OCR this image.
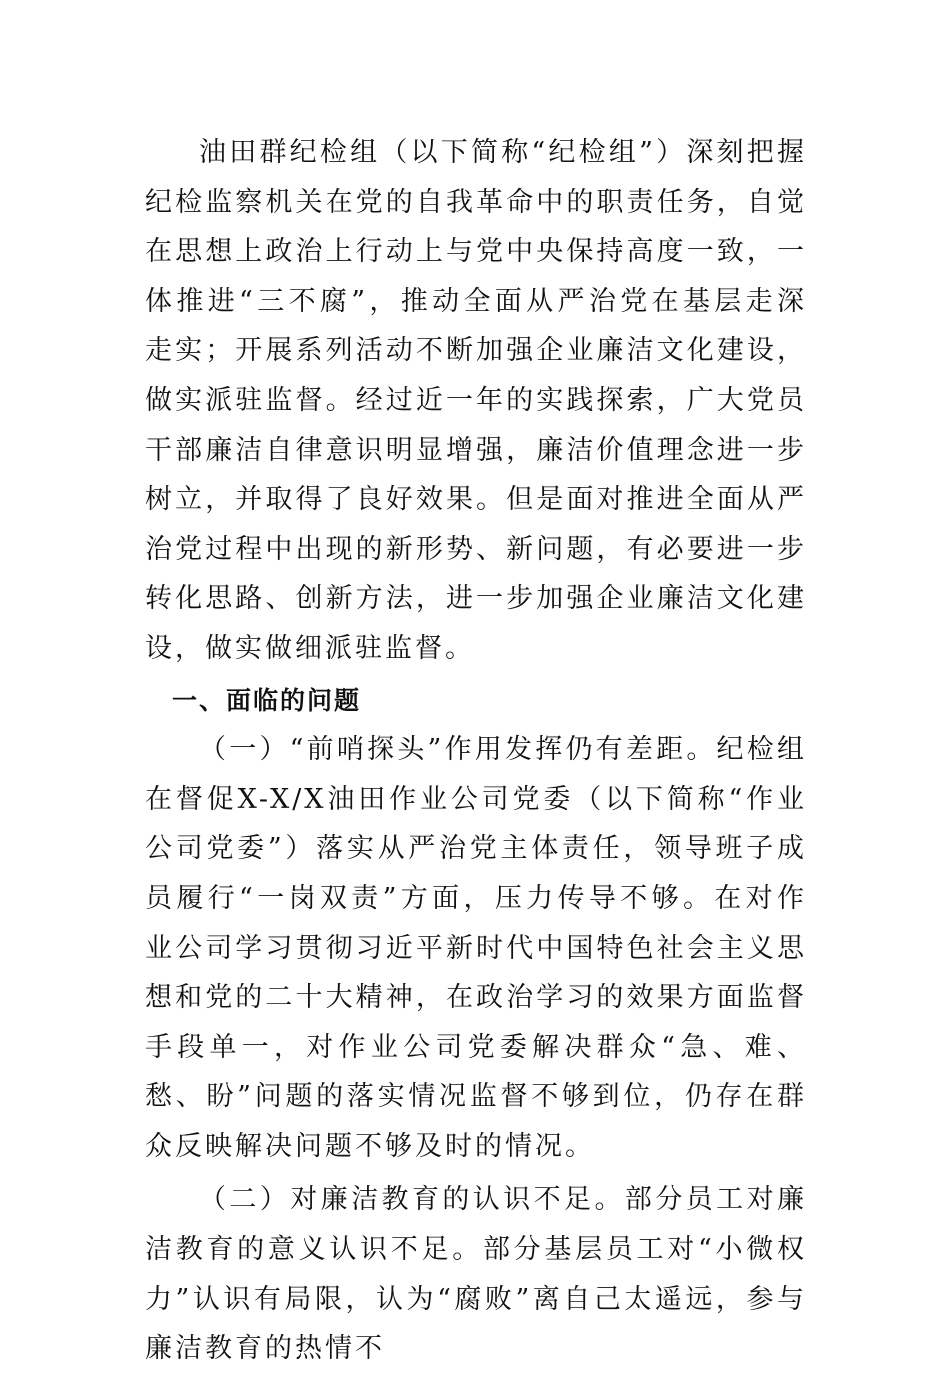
油田群纪检组（以下简称“纪检组”）深刻把握纪检监察机关在党的自我革命中的职责任务，自觉在思想上政治上行动上与党中央保持高度一致，一体推进“三不腐”，推动全面从严治党在基层走深走实；开展系列活动不断加强企业廉洁文化建设，做实派驻监督。经过近一年的实践探索，广大党员干部廉洁自律意识明显增强，廉洁价值理念进一步树立，并取得了良好效果。但是面对推进全面从严治党过程中出现的新形势、新问题，有必要进一步转化思路、创新方法，进一步加强企业廉洁文化建设，做实做细派驻监督。

一、面临的问题

（一）“前哨探头”作用发挥仍有差距。纪检组在督促X-X/X油田作业公司党委（以下简称“作业公司党委”）落实从严治党主体责任，领导班子成员履行“一岗双责”方面，压力传导不够。在对作业公司学习贯彻习近平新时代中国特色社会主义思想和党的二十大精神，在政治学习的效果方面监督手段单一，对作业公司党委解决群众“急、难、愁、盼”问题的落实情况监督不够到位，仍存在群众反映解决问题不够及时的情况。

（二）对廉洁教育的认识不足。部分员工对廉洁教育的意义认识不足。部分基层员工对“小微权力”认识有局限，认为“腐败”离自己太遥远，参与廉洁教育的热情不
